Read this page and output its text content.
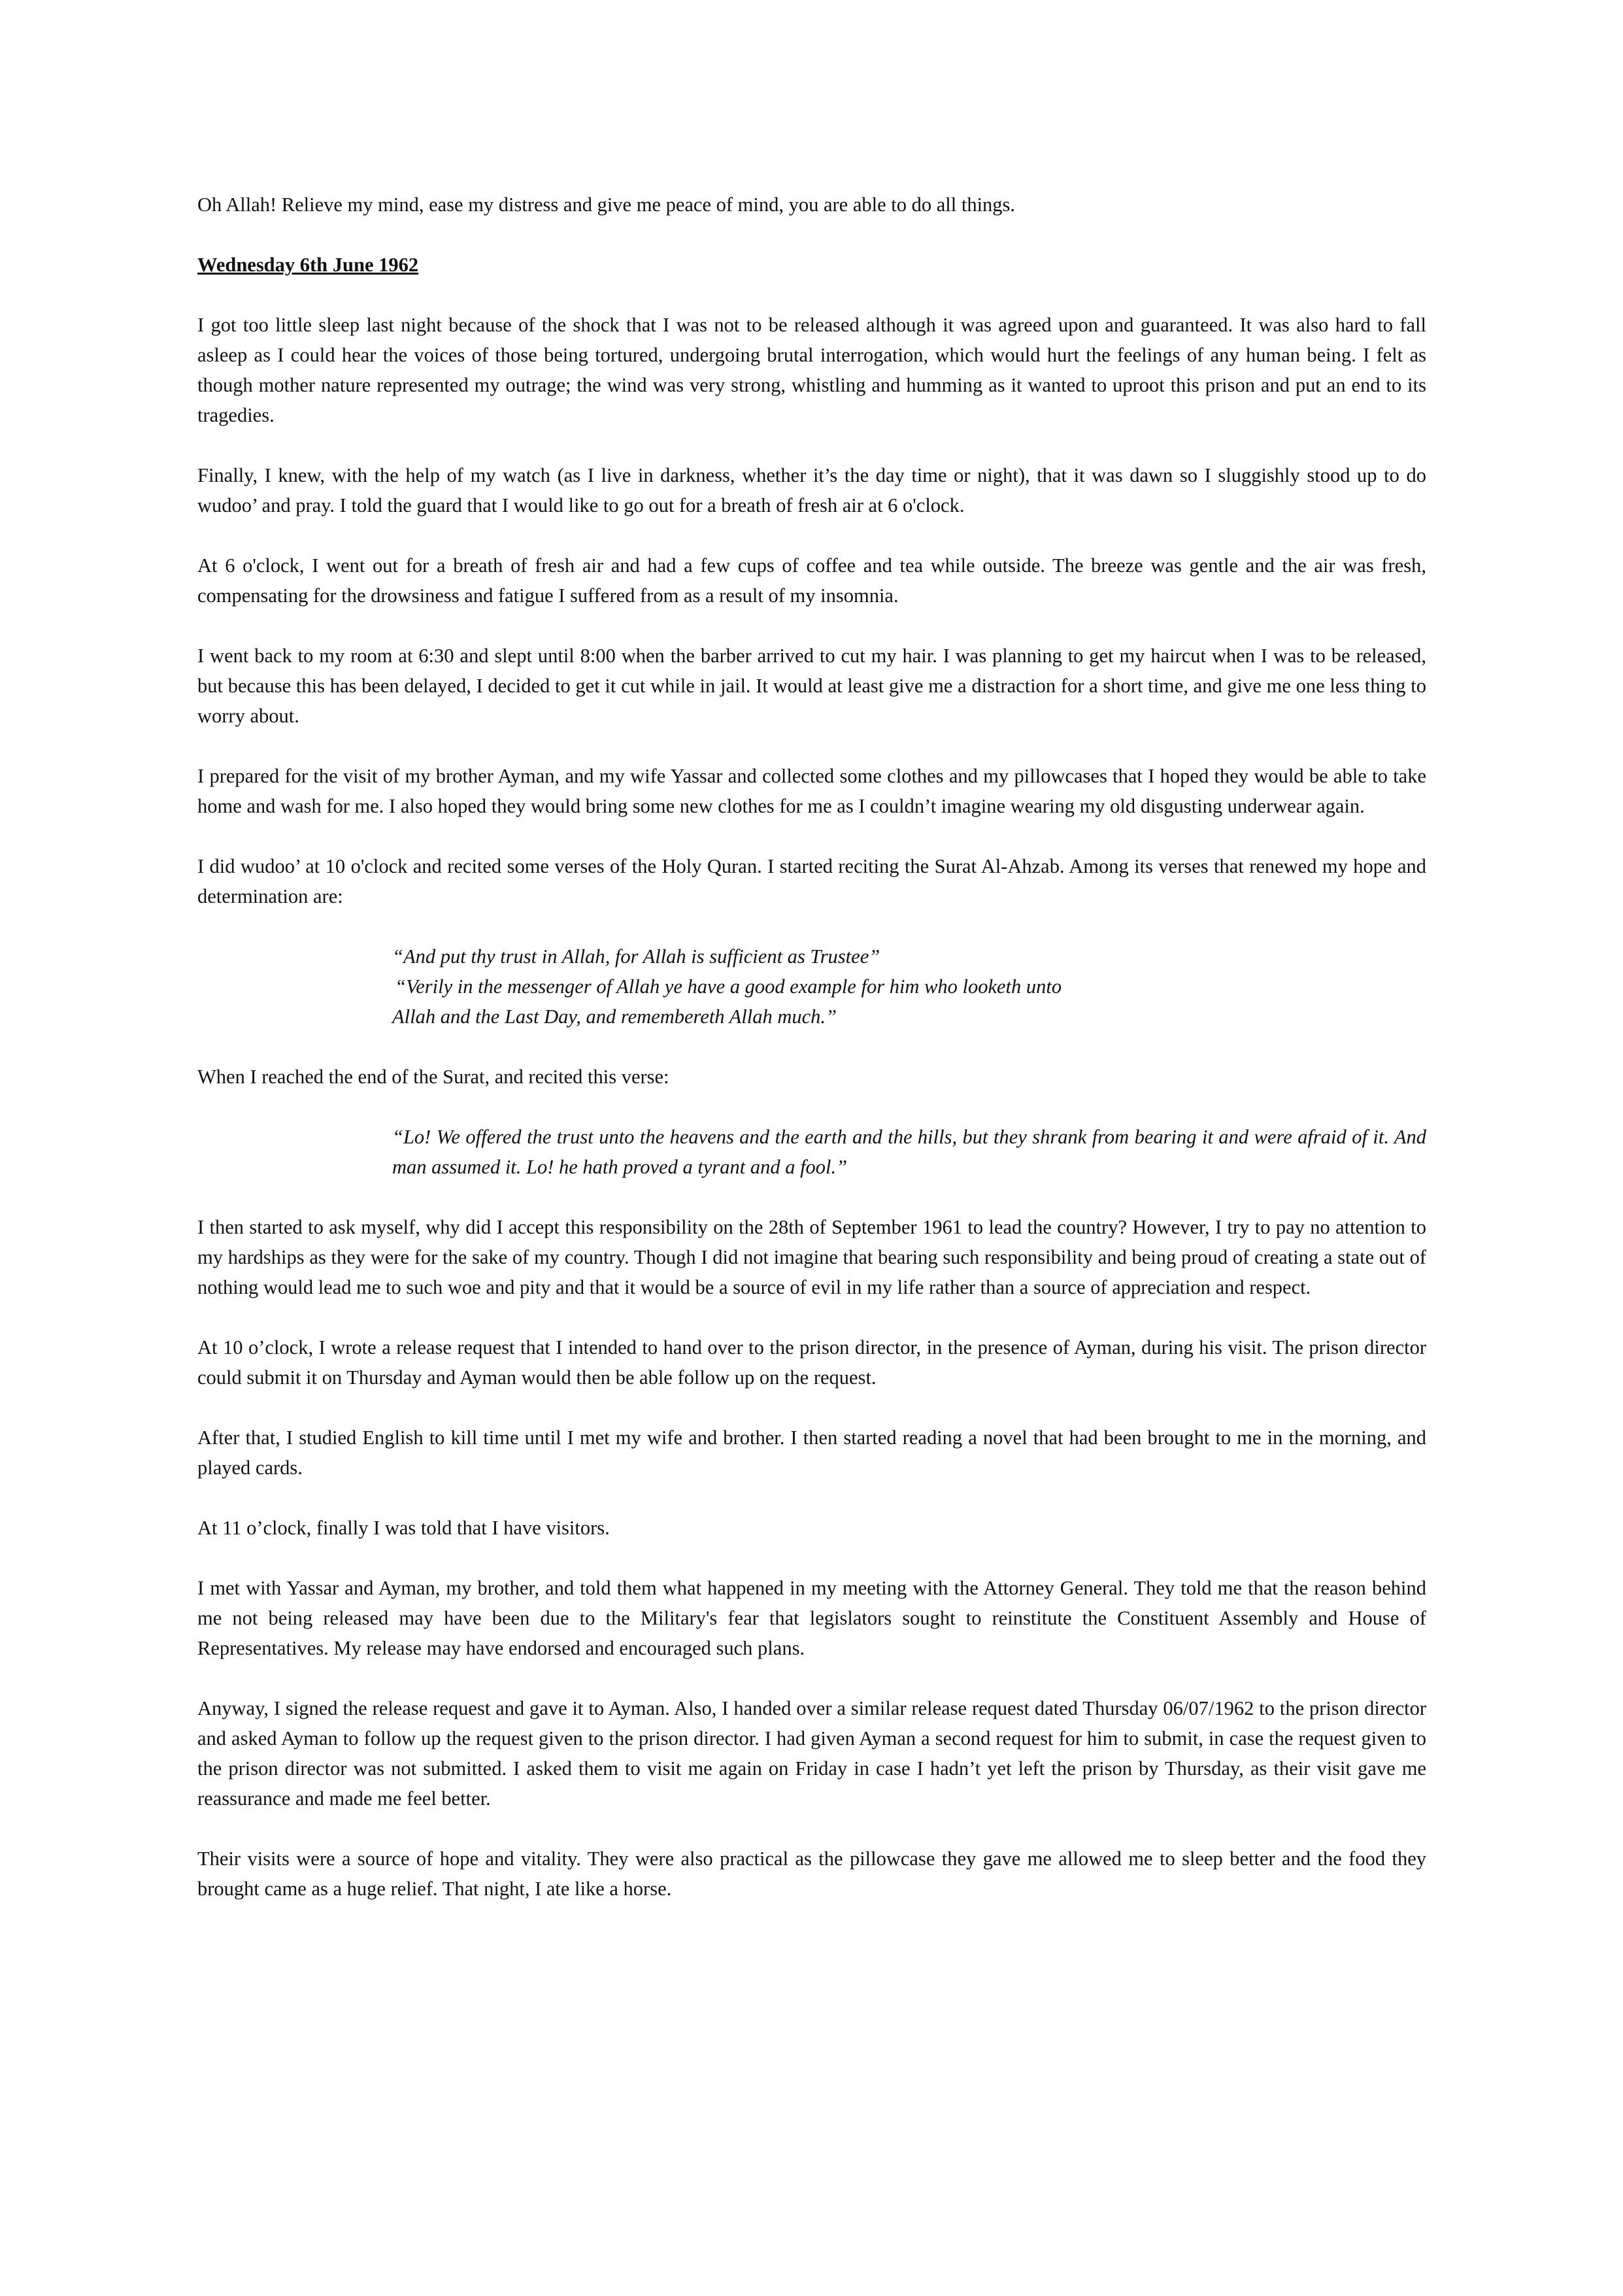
Oh Allah! Relieve my mind, ease my distress and give me peace of mind, you are able to do all things.

Wednesday 6th June 1962

I got too little sleep last night because of the shock that I was not to be released although it was agreed upon and guaranteed. It was also hard to fall asleep as I could hear the voices of those being tortured, undergoing brutal interrogation, which would hurt the feelings of any human being. I felt as though mother nature represented my outrage; the wind was very strong, whistling and humming as it wanted to uproot this prison and put an end to its tragedies.

Finally, I knew, with the help of my watch (as I live in darkness, whether it’s the day time or night), that it was dawn so I sluggishly stood up to do wudoo’ and pray. I told the guard that I would like to go out for a breath of fresh air at 6 o'clock.

At 6 o'clock, I went out for a breath of fresh air and had a few cups of coffee and tea while outside. The breeze was gentle and the air was fresh, compensating for the drowsiness and fatigue I suffered from as a result of my insomnia.

I went back to my room at 6:30 and slept until 8:00 when the barber arrived to cut my hair. I was planning to get my haircut when I was to be released, but because this has been delayed, I decided to get it cut while in jail. It would at least give me a distraction for a short time, and give me one less thing to worry about.

I prepared for the visit of my brother Ayman, and my wife Yassar and collected some clothes and my pillowcases that I hoped they would be able to take home and wash for me. I also hoped they would bring some new clothes for me as I couldn’t imagine wearing my old disgusting underwear again.

I did wudoo’ at 10 o'clock and recited some verses of the Holy Quran. I started reciting the Surat Al-Ahzab. Among its verses that renewed my hope and determination are:

“And put thy trust in Allah, for Allah is sufficient as Trustee”
“Verily in the messenger of Allah ye have a good example for him who looketh unto
Allah and the Last Day, and remembereth Allah much.”

When I reached the end of the Surat, and recited this verse:

“Lo! We offered the trust unto the heavens and the earth and the hills, but they shrank from bearing it and were afraid of it. And man assumed it. Lo! he hath proved a tyrant and a fool.”

I then started to ask myself, why did I accept this responsibility on the 28th of September 1961 to lead the country? However, I try to pay no attention to my hardships as they were for the sake of my country. Though I did not imagine that bearing such responsibility and being proud of creating a state out of nothing would lead me to such woe and pity and that it would be a source of evil in my life rather than a source of appreciation and respect.

At 10 o’clock, I wrote a release request that I intended to hand over to the prison director, in the presence of Ayman, during his visit. The prison director could submit it on Thursday and Ayman would then be able follow up on the request.

After that, I studied English to kill time until I met my wife and brother. I then started reading a novel that had been brought to me in the morning, and played cards.

At 11 o’clock, finally I was told that I have visitors.

I met with Yassar and Ayman, my brother, and told them what happened in my meeting with the Attorney General. They told me that the reason behind me not being released may have been due to the Military's fear that legislators sought to reinstitute the Constituent Assembly and House of Representatives. My release may have endorsed and encouraged such plans.

Anyway, I signed the release request and gave it to Ayman. Also, I handed over a similar release request dated Thursday 06/07/1962 to the prison director and asked Ayman to follow up the request given to the prison director. I had given Ayman a second request for him to submit, in case the request given to the prison director was not submitted. I asked them to visit me again on Friday in case I hadn’t yet left the prison by Thursday, as their visit gave me reassurance and made me feel better.

Their visits were a source of hope and vitality. They were also practical as the pillowcase they gave me allowed me to sleep better and the food they brought came as a huge relief. That night, I ate like a horse.
